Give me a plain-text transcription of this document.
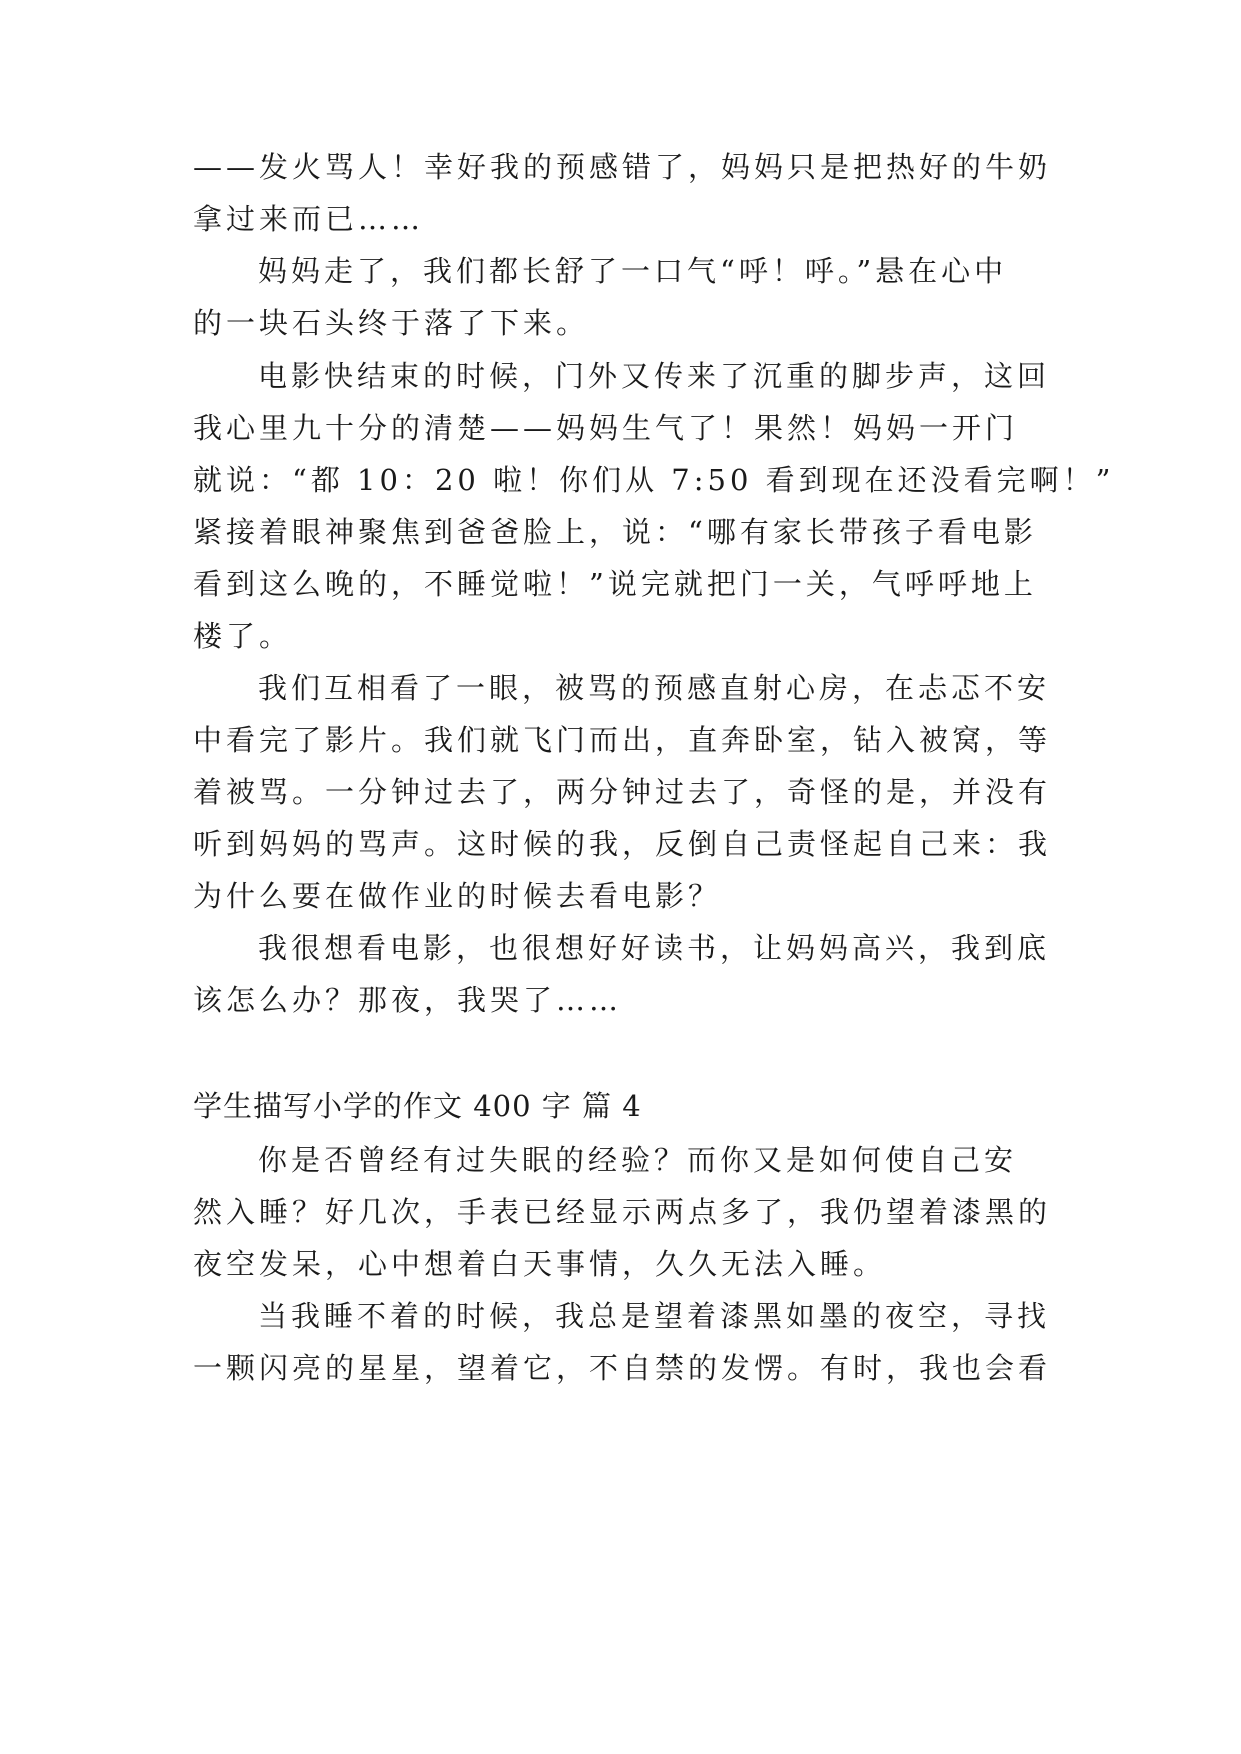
——发火骂人！幸好我的预感错了，妈妈只是把热好的牛奶
拿过来而已……
妈妈走了，我们都长舒了一口气“呼！呼。”悬在心中
的一块石头终于落了下来。
电影快结束的时候，门外又传来了沉重的脚步声，这回
我心里九十分的清楚——妈妈生气了！果然！妈妈一开门
就说：“都 10：20 啦！你们从 7:50 看到现在还没看完啊！”
紧接着眼神聚焦到爸爸脸上，说：“哪有家长带孩子看电影
看到这么晚的，不睡觉啦！”说完就把门一关，气呼呼地上
楼了。
我们互相看了一眼，被骂的预感直射心房，在忐忑不安
中看完了影片。我们就飞门而出，直奔卧室，钻入被窝，等
着被骂。一分钟过去了，两分钟过去了，奇怪的是，并没有
听到妈妈的骂声。这时候的我，反倒自己责怪起自己来：我
为什么要在做作业的时候去看电影？
我很想看电影，也很想好好读书，让妈妈高兴，我到底
该怎么办？那夜，我哭了……
学生描写小学的作文 400 字 篇 4
你是否曾经有过失眠的经验？而你又是如何使自己安
然入睡？好几次，手表已经显示两点多了，我仍望着漆黑的
夜空发呆，心中想着白天事情，久久无法入睡。
当我睡不着的时候，我总是望着漆黑如墨的夜空，寻找
一颗闪亮的星星，望着它，不自禁的发愣。有时，我也会看
